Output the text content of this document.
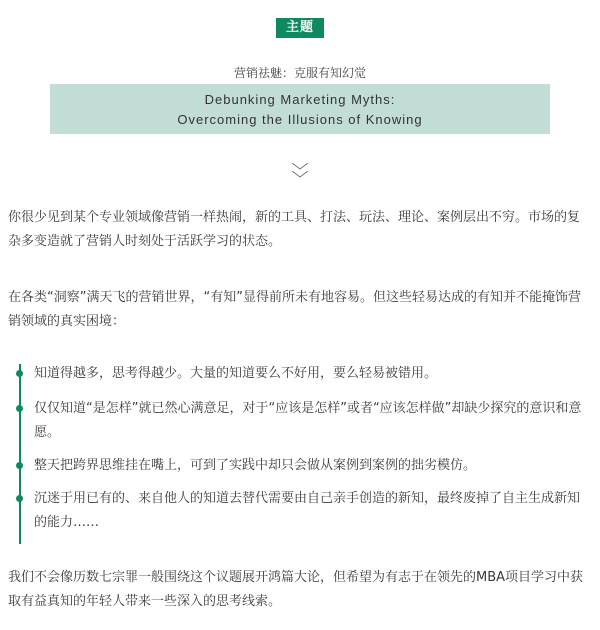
主题
营销祛魅：克服有知幻觉
Debunking Marketing Myths:
Overcoming the Illusions of Knowing

你很少见到某个专业领域像营销一样热闹，新的工具、打法、玩法、理论、案例层出不穷。市场的复杂多变造就了营销人时刻处于活跃学习的状态。

在各类“洞察”满天飞的营销世界，“有知”显得前所未有地容易。但这些轻易达成的有知并不能掩饰营销领域的真实困境：

知道得越多，思考得越少。大量的知道要么不好用，要么轻易被错用。
仅仅知道“是怎样”就已然心满意足，对于“应该是怎样”或者“应该怎样做”却缺少探究的意识和意愿。
整天把跨界思维挂在嘴上，可到了实践中却只会做从案例到案例的拙劣模仿。
沉迷于用已有的、来自他人的知道去替代需要由自己亲手创造的新知，最终废掉了自主生成新知的能力……

我们不会像历数七宗罪一般围绕这个议题展开鸿篇大论，但希望为有志于在领先的MBA项目学习中获取有益真知的年轻人带来一些深入的思考线索。
